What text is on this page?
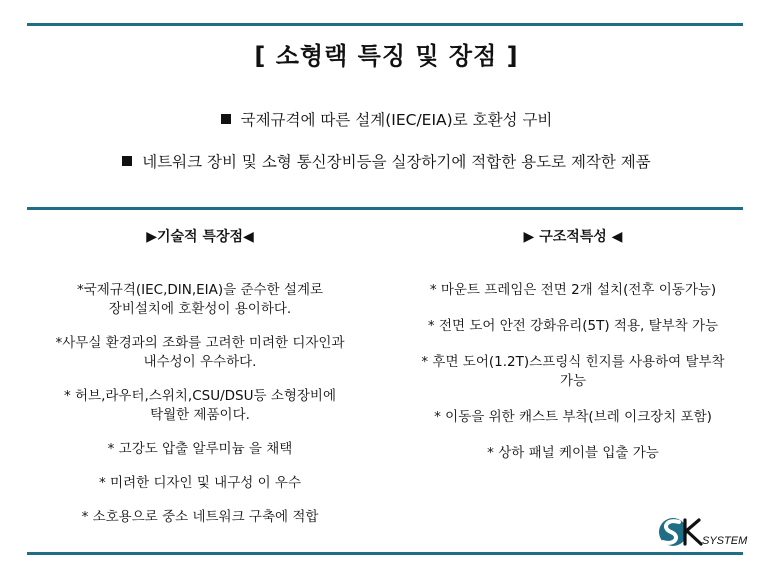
[ 소형랙 특징 및 장점 ]
국제규격에 따른 설계(IEC/EIA)로 호환성 구비
네트워크 장비 및 소형 통신장비등을 실장하기에 적합한 용도로 제작한 제품
▶기술적 특장점◀
*국제규격(IEC,DIN,EIA)을 준수한 설계로
장비설치에 호환성이 용이하다.
*사무실 환경과의 조화를 고려한 미려한 디자인과
내수성이 우수하다.
* 허브,라우터,스위치,CSU/DSU등 소형장비에
탁월한 제품이다.
* 고강도 압출 알루미늄 을 채택
* 미려한 디자인 및 내구성 이 우수
* 소호용으로 중소 네트워크 구축에 적합
▶ 구조적특성 ◀
* 마운트 프레임은 전면 2개 설치(전후 이동가능)
* 전면 도어 안전 강화유리(5T) 적용, 탈부착 가능
* 후면 도어(1.2T)스프링식 힌지를 사용하여 탈부착
가능
* 이동을 위한 캐스트 부착(브레 이크장치 포함)
* 상하 패널 케이블 입출 가능
SYSTEM
